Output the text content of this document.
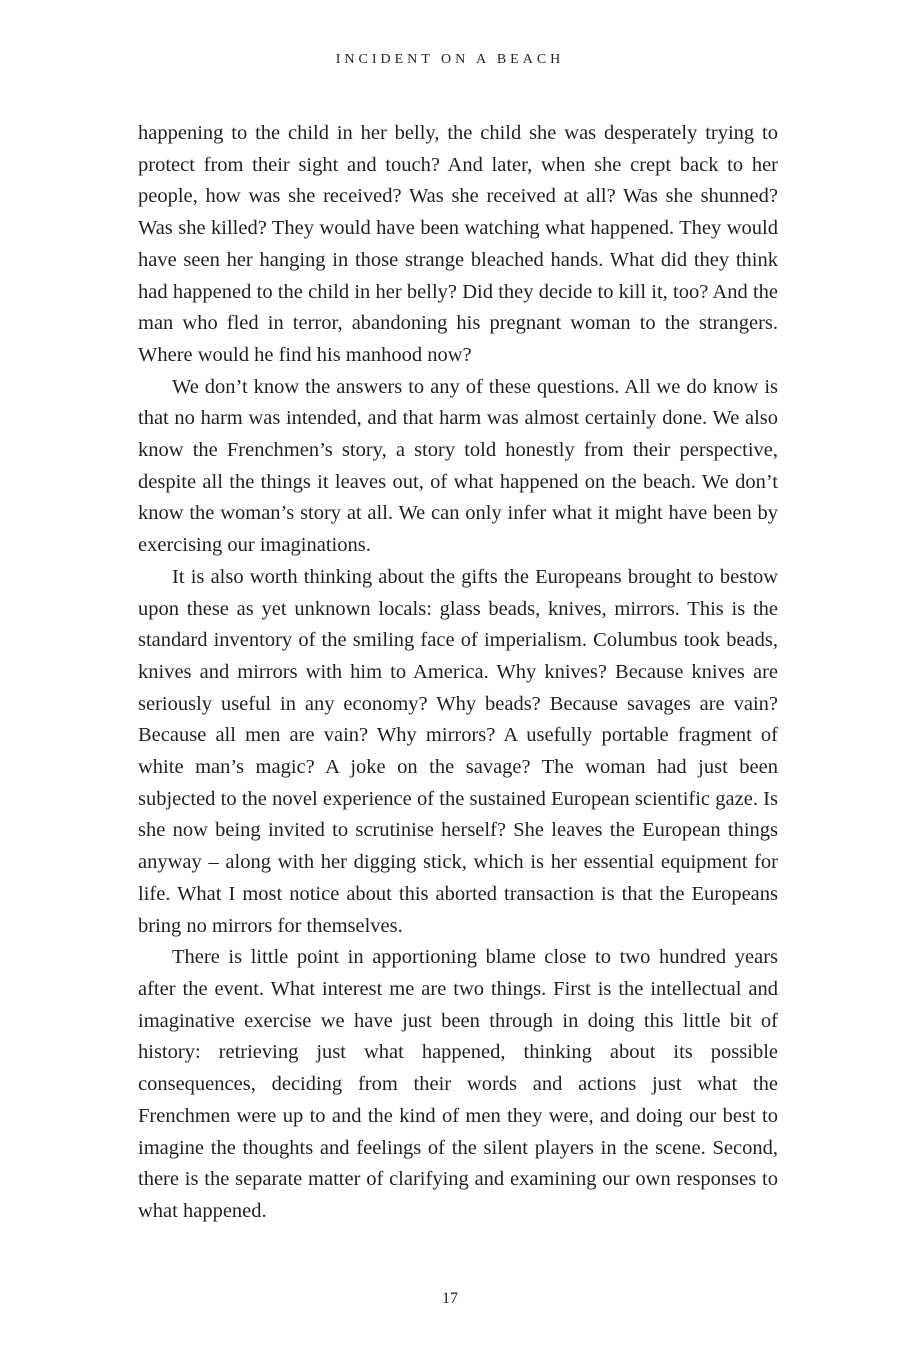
INCIDENT ON A BEACH

happening to the child in her belly, the child she was desperately trying to protect from their sight and touch? And later, when she crept back to her people, how was she received? Was she received at all? Was she shunned? Was she killed? They would have been watching what happened. They would have seen her hanging in those strange bleached hands. What did they think had happened to the child in her belly? Did they decide to kill it, too? And the man who fled in terror, abandoning his pregnant woman to the strangers. Where would he find his manhood now?

We don’t know the answers to any of these questions. All we do know is that no harm was intended, and that harm was almost certainly done. We also know the Frenchmen’s story, a story told honestly from their perspective, despite all the things it leaves out, of what happened on the beach. We don’t know the woman’s story at all. We can only infer what it might have been by exercising our imaginations.

It is also worth thinking about the gifts the Europeans brought to bestow upon these as yet unknown locals: glass beads, knives, mirrors. This is the standard inventory of the smiling face of imperialism. Columbus took beads, knives and mirrors with him to America. Why knives? Because knives are seriously useful in any economy? Why beads? Because savages are vain? Because all men are vain? Why mirrors? A usefully portable fragment of white man’s magic? A joke on the savage? The woman had just been subjected to the novel experience of the sustained European scientific gaze. Is she now being invited to scrutinise herself? She leaves the European things anyway – along with her digging stick, which is her essential equipment for life. What I most notice about this aborted transaction is that the Europeans bring no mirrors for themselves.

There is little point in apportioning blame close to two hundred years after the event. What interest me are two things. First is the intellectual and imaginative exercise we have just been through in doing this little bit of history: retrieving just what happened, thinking about its possible consequences, deciding from their words and actions just what the Frenchmen were up to and the kind of men they were, and doing our best to imagine the thoughts and feelings of the silent players in the scene. Second, there is the separate matter of clarifying and examining our own responses to what happened.

17
